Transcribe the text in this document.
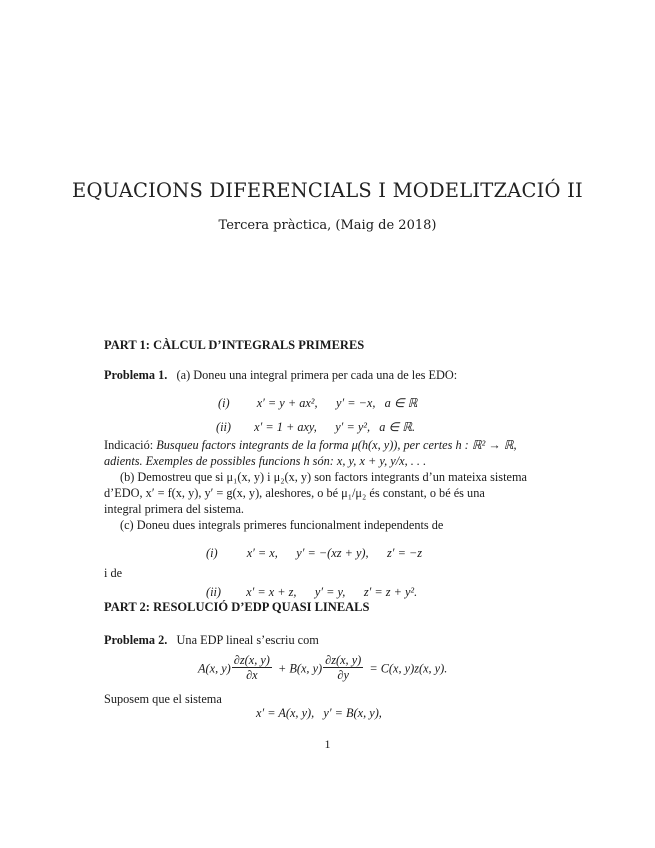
EQUACIONS DIFERENCIALS I MODELITZACIÓ II
Tercera pràctica, (Maig de 2018)
PART 1: CÀLCUL D’INTEGRALS PRIMERES
Problema 1. (a) Doneu una integral primera per cada una de les EDO:
(i) x′ = y + ax²,      y′ = −x,   a ∈ ℝ
(ii) x′ = 1 + axy,      y′ = y²,   a ∈ ℝ.
Indicació: Busqueu factors integrants de la forma μ(h(x, y)), per certes h : ℝ² → ℝ,
adients. Exemples de possibles funcions h són: x, y, x + y, y/x, . . .
(b) Demostreu que si μ₁(x, y) i μ₂(x, y) son factors integrants d’un mateixa sistema
d’EDO, x′ = f(x, y), y′ = g(x, y), aleshores, o bé μ₁/μ₂ és constant, o bé és una
integral primera del sistema.
(c) Doneu dues integrals primeres funcionalment independents de
(i) x′ = x,      y′ = −(xz + y),      z′ = −z
i de
(ii) x′ = x + z,      y′ = y,      z′ = z + y².
PART 2: RESOLUCIÓ D’EDP QUASI LINEALS
Problema 2. Una EDP lineal s’escriu com
A(x, $y) \frac{\partial z(x, y)}{\partial x} + B(x$, $y) \frac{\partial z(x, y)}{\partial y} = C(x$, y)z(x, y).
Suposem que el sistema
x′ = A(x, y),   y′ = B(x, y),
1
